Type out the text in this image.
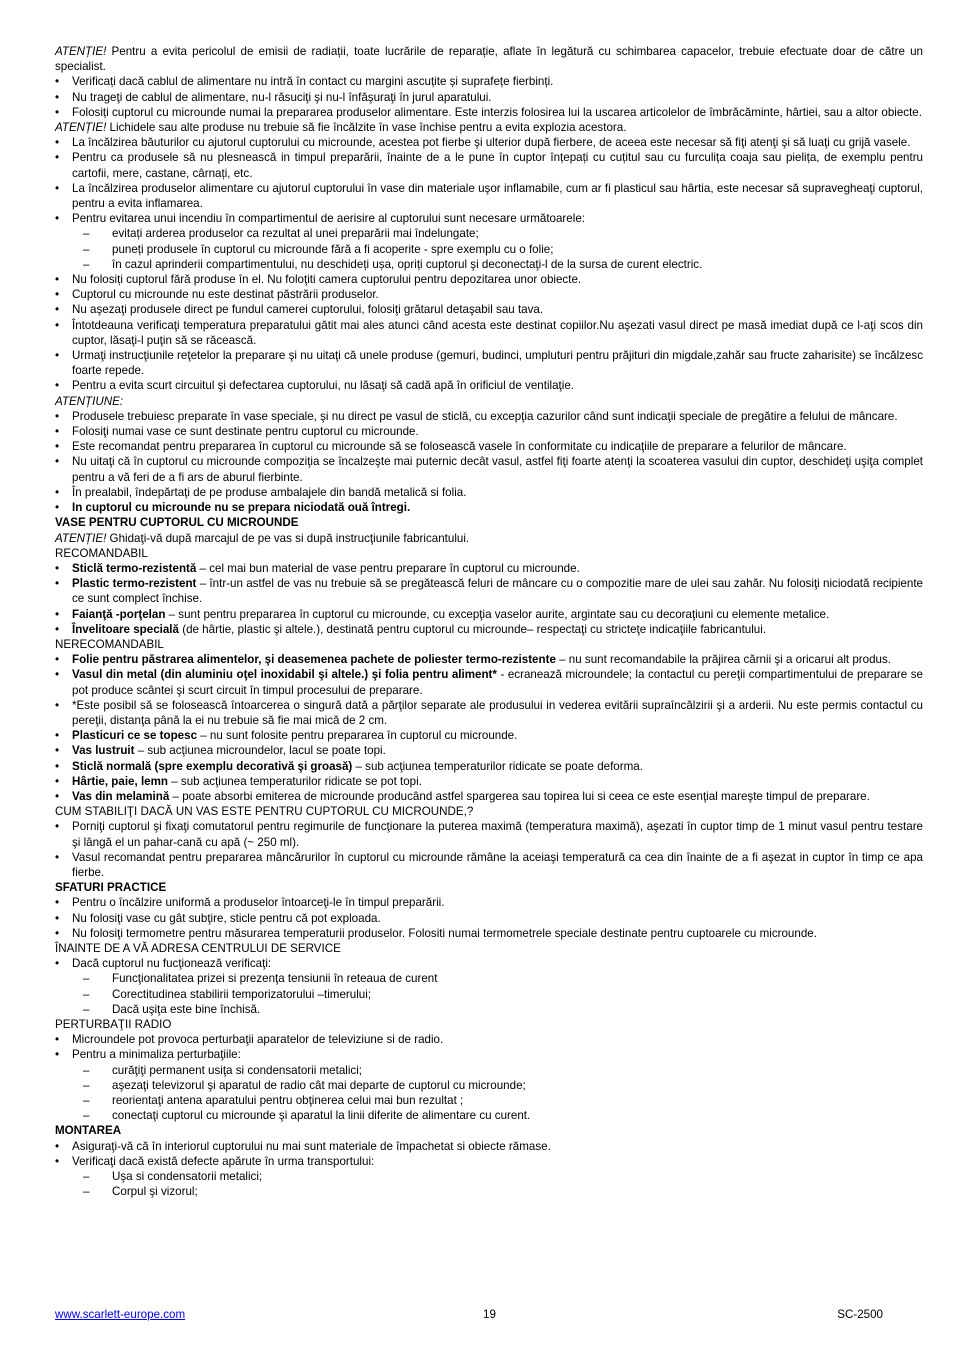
ATENȚIE! Pentru a evita pericolul de emisii de radiații, toate lucrările de reparație, aflate în legătură cu schimbarea capacelor, trebuie efectuate doar de către un specialist.
•	Verificați dacă cablul de alimentare nu intră în contact cu margini ascuțite și suprafețe fierbinți.
•	Nu trageţi de cablul de alimentare, nu-l răsuciţi şi nu-l înfăşuraţi în jurul aparatului.
•	Folosiți cuptorul cu microunde numai la prepararea produselor alimentare. Este interzis folosirea lui la uscarea articolelor de îmbrăcăminte, hârtiei, sau a altor obiecte.
ATENȚIE! Lichidele sau alte produse nu trebuie să fie încălzite în vase închise pentru a evita explozia acestora.
•	La încălzirea băuturilor cu ajutorul cuptorului cu microunde, acestea pot fierbe şi ulterior după fierbere, de aceea este necesar să fiţi atenţi şi să luaţi cu grijă vasele.
•	Pentru ca produsele să nu plesnească in timpul preparării, înainte de a le pune în cuptor înțepați cu cuțitul sau cu furculița coaja sau pielița, de exemplu pentru cartofii, mere, castane, cârnați, etc.
•	La încălzirea produselor alimentare cu ajutorul cuptorului în vase din materiale uşor inflamabile, cum ar fi plasticul sau hârtia, este necesar să supravegheaţi cuptorul, pentru a evita inflamarea.
•	Pentru evitarea unui incendiu în compartimentul de aerisire al cuptorului sunt necesare următoarele:
–	evitați arderea produselor ca rezultat al unei preparării mai îndelungate;
–	puneți produsele în cuptorul cu microunde fără a fi acoperite - spre exemplu cu o folie;
–	în cazul aprinderii compartimentului, nu deschideți ușa, opriți cuptorul şi deconectaţi-l de la sursa de curent electric.
•	Nu folosiți cuptorul fără produse în el. Nu foloţiti camera cuptorului pentru depozitarea unor obiecte.
•	Cuptorul cu microunde nu este destinat păstrării produselor.
•	Nu aşezaţi produsele direct pe fundul camerei cuptorului, folosiţi grătarul detaşabil sau tava.
•	Întotdeauna verificaţi temperatura preparatului gătit mai ales atunci când acesta este destinat copiilor.Nu aşezati vasul direct pe masă imediat după ce l-aţi scos din cuptor, lăsaţi-l puţin să se răcească.
•	Urmaţi instrucţiunile reţetelor la preparare şi nu uitaţi că unele produse (gemuri, budinci, umpluturi pentru prăjituri din migdale,zahăr sau fructe zaharisite) se încălzesc foarte repede.
•	Pentru a evita scurt circuitul şi defectarea cuptorului, nu lăsaţi să cadă apă în orificiul de ventilaţie.
ATENȚIUNE:
•	Produsele trebuiesc preparate în vase speciale, şi nu direct pe vasul de sticlă, cu excepţia cazurilor când sunt indicaţii speciale de pregătire a felului de mâncare.
•	Folosiţi numai vase ce sunt destinate pentru cuptorul cu microunde.
•	Este recomandat pentru prepararea în cuptorul cu microunde să se folosească vasele în conformitate cu indicaţiile de preparare a felurilor de mâncare.
•	Nu uitaţi că în cuptorul cu microunde compoziţia se încalzeşte mai puternic decât vasul, astfel fiţi foarte atenţi la scoaterea vasului din cuptor, deschideţi uşiţa complet pentru a vă feri de a fi ars de aburul fierbinte.
•	În prealabil, îndepărtaţi de pe produse ambalajele din bandă metalică si folia.
•	In cuptorul cu microunde nu se prepara niciodată ouă întregi.
VASE PENTRU CUPTORUL CU MICROUNDE
ATENȚIE! Ghidaţi-vă după marcajul de pe vas si după instrucţiunile fabricantului.
RECOMANDABIL
•	Sticlă termo-rezistentă – cel mai bun material de vase pentru preparare în cuptorul cu microunde.
•	Plastic termo-rezistent – într-un astfel de vas nu trebuie să se pregătească feluri de mâncare cu o compozitie mare de ulei sau zahăr. Nu folosiţi niciodată recipiente ce sunt complect închise.
•	Faianţă -porţelan – sunt pentru prepararea în cuptorul cu microunde, cu excepţia vaselor aurite, argintate sau cu decoraţiuni cu elemente metalice.
•	Învelitoare specială (de hârtie, plastic şi altele.), destinată pentru cuptorul cu microunde– respectaţi cu stricteţe indicaţiile fabricantului.
NERECOMANDABIL
•	Folie pentru păstrarea alimentelor, şi deasemenea pachete de poliester termo-rezistente – nu sunt recomandabile la prăjirea cărnii şi a oricarui alt produs.
•	Vasul din metal (din aluminiu oţel inoxidabil şi altele.) şi folia pentru aliment* - ecranează microundele; la contactul cu pereţii compartimentului de preparare se pot produce scântei şi scurt circuit în timpul procesului de preparare.
•	*Este posibil să se folosească întoarcerea o singură dată a părţilor separate ale produsului in vederea evitării supraîncălzirii şi a arderii. Nu este permis contactul cu pereţii, distanţa până la ei nu trebuie să fie mai mică de 2 cm.
•	Plasticuri ce se topesc – nu sunt folosite pentru prepararea în cuptorul cu microunde.
•	Vas lustruit – sub acţiunea microundelor, lacul se poate topi.
•	Sticlă normală (spre exemplu decorativă şi groasă) – sub acţiunea temperaturilor ridicate se poate deforma.
•	Hârtie, paie, lemn – sub acţiunea temperaturilor ridicate se pot topi.
•	Vas din melamină – poate absorbi emiterea de microunde producând astfel spargerea sau topirea lui si ceea ce este esenţial mareşte timpul de preparare.
CUM STABILIŢI DACĂ UN VAS ESTE PENTRU CUPTORUL CU MICROUNDE,?
•	Porniţi cuptorul şi fixaţi comutatorul pentru regimurile de funcţionare la puterea maximă (temperatura maximă), aşezati în cuptor timp de 1 minut vasul pentru testare şi lângă el un pahar-cană cu apă (~ 250 ml).
•	Vasul recomandat pentru prepararea mâncărurilor în cuptorul cu microunde rămâne la aceiaşi temperatură ca cea din înainte de a fi aşezat in cuptor în timp ce apa fierbe.
SFATURI PRACTICE
•	Pentru o încălzire uniformă a produselor întoarceţi-le în timpul preparării.
•	Nu folosiţi vase cu gât subţire, sticle pentru că pot exploada.
•	Nu folosiţi termometre pentru măsurarea temperaturii produselor. Folositi numai termometrele speciale destinate pentru cuptoarele cu microunde.
ÎNAINTE DE A VĂ ADRESA CENTRULUI DE SERVICE
•	Dacă cuptorul nu fucţionează verificaţi:
–	Funcţionalitatea prizei si prezenţa tensiunii în reteaua de curent
–	Corectitudinea stabilirii temporizatorului –timerului;
–	Dacă uşiţa este bine închisă.
PERTURBAŢII RADIO
•	Microundele pot provoca perturbaţii aparatelor de televiziune si de radio.
•	Pentru a minimaliza perturbaţiile:
–	curăţiţi permanent usiţa si condensatorii metalici;
–	aşezaţi televizorul şi aparatul de radio cât mai departe de cuptorul cu microunde;
–	reorientaţi antena aparatului pentru obţinerea celui mai bun rezultat ;
–	conectaţi cuptorul cu microunde şi aparatul la linii diferite de alimentare cu curent.
MONTAREA
•	Asiguraţi-vă că în interiorul cuptorului nu mai sunt materiale de împachetat si obiecte rămase.
•	Verificaţi dacă există defecte apărute în urma transportului:
–	Uşa si condensatorii metalici;
–	Corpul şi vizorul;
www.scarlett-europe.com	19	SC-2500
